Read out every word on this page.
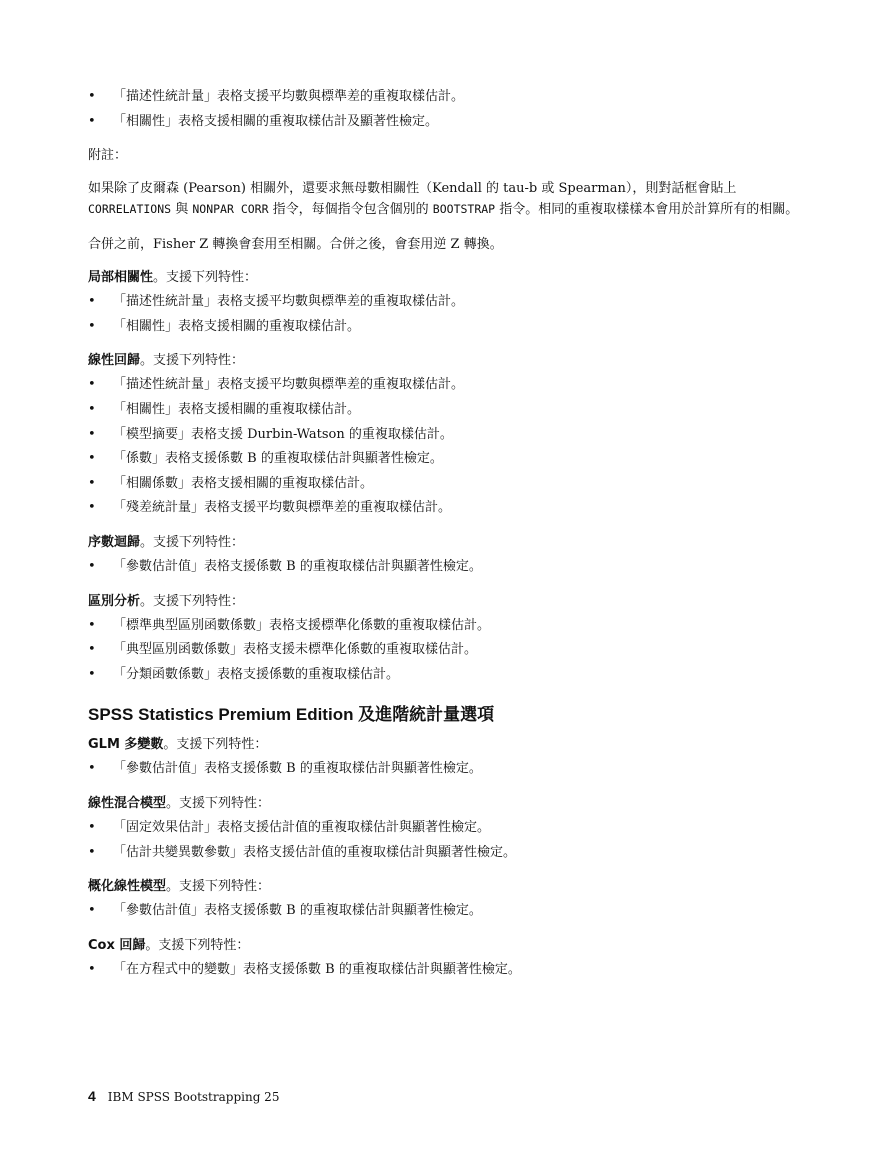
• 「描述性統計量」表格支援平均數與標準差的重複取樣估計。
• 「相關性」表格支援相關的重複取樣估計及顯著性檢定。

附註：

如果除了皮爾森 (Pearson) 相關外，還要求無母數相關性（Kendall 的 tau-b 或 Spearman），則對話框會貼上 CORRELATIONS 與 NONPAR CORR 指令，每個指令包含個別的 BOOTSTRAP 指令。相同的重複取樣樣本會用於計算所有的相關。

合併之前，Fisher Z 轉換會套用至相關。合併之後，會套用逆 Z 轉換。

局部相關性。支援下列特性：
• 「描述性統計量」表格支援平均數與標準差的重複取樣估計。
• 「相關性」表格支援相關的重複取樣估計。
線性回歸。支援下列特性：
• 「描述性統計量」表格支援平均數與標準差的重複取樣估計。
• 「相關性」表格支援相關的重複取樣估計。
• 「模型摘要」表格支援 Durbin-Watson 的重複取樣估計。
• 「係數」表格支援係數 B 的重複取樣估計與顯著性檢定。
• 「相關係數」表格支援相關的重複取樣估計。
• 「殘差統計量」表格支援平均數與標準差的重複取樣估計。
序數迴歸。支援下列特性：
• 「參數估計值」表格支援係數 B 的重複取樣估計與顯著性檢定。
區別分析。支援下列特性：
• 「標準典型區別函數係數」表格支援標準化係數的重複取樣估計。
• 「典型區別函數係數」表格支援未標準化係數的重複取樣估計。
• 「分類函數係數」表格支援係數的重複取樣估計。
SPSS Statistics Premium Edition 及進階統計量選項
GLM 多變數。支援下列特性：
• 「參數估計值」表格支援係數 B 的重複取樣估計與顯著性檢定。
線性混合模型。支援下列特性：
• 「固定效果估計」表格支援估計值的重複取樣估計與顯著性檢定。
• 「估計共變異數參數」表格支援估計值的重複取樣估計與顯著性檢定。
概化線性模型。支援下列特性：
• 「參數估計值」表格支援係數 B 的重複取樣估計與顯著性檢定。
Cox 回歸。支援下列特性：
• 「在方程式中的變數」表格支援係數 B 的重複取樣估計與顯著性檢定。
4 IBM SPSS Bootstrapping 25
